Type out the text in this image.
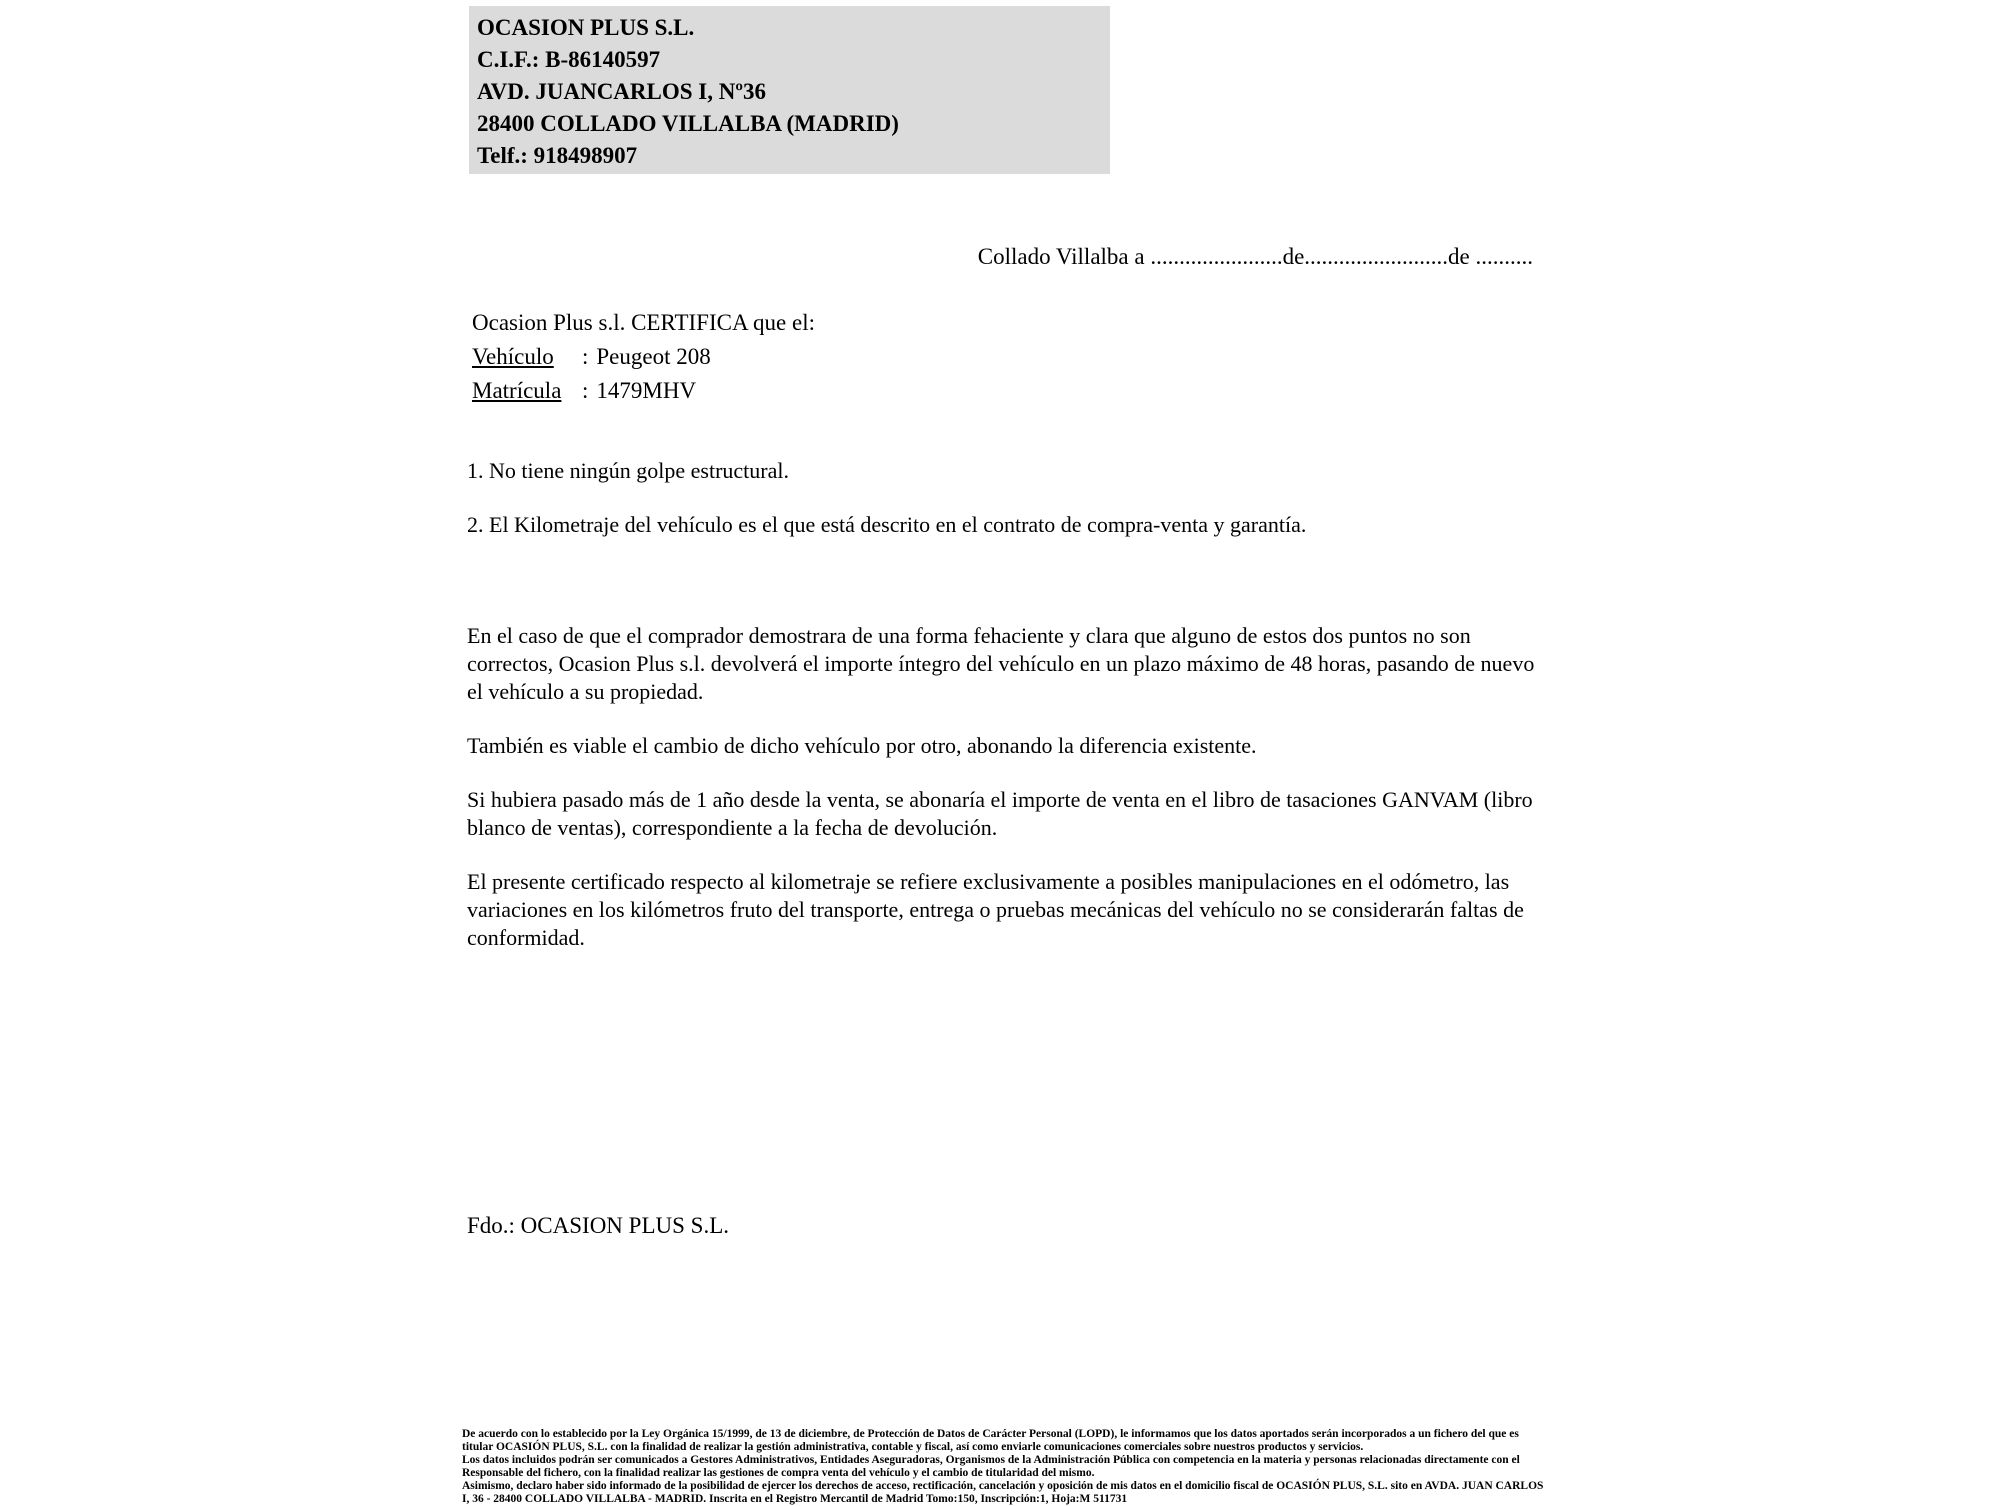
OCASION PLUS S.L.
C.I.F.: B-86140597
AVD. JUANCARLOS I, Nº36
28400 COLLADO VILLALBA (MADRID)
Telf.: 918498907
Collado Villalba a .......................de.........................de ..........
Ocasion Plus s.l. CERTIFICA que el:
Vehículo : Peugeot 208
Matrícula : 1479MHV
1. No tiene ningún golpe estructural.
2. El Kilometraje del vehículo es el que está descrito en el contrato de compra-venta y garantía.

En el caso de que el comprador demostrara de una forma fehaciente y clara que alguno de estos dos puntos no son correctos, Ocasion Plus s.l. devolverá el importe íntegro del vehículo en un plazo máximo de 48 horas, pasando de nuevo el vehículo a su propiedad.

También es viable el cambio de dicho vehículo por otro, abonando la diferencia existente.

Si hubiera pasado más de 1 año desde la venta, se abonaría el importe de venta en el libro de tasaciones GANVAM (libro blanco de ventas), correspondiente a la fecha de devolución.

El presente certificado respecto al kilometraje se refiere exclusivamente a posibles manipulaciones en el odómetro, las variaciones en los kilómetros fruto del transporte, entrega o pruebas mecánicas del vehículo no se considerarán faltas de conformidad.

Fdo.: OCASION PLUS S.L.

De acuerdo con lo establecido por la Ley Orgánica 15/1999, de 13 de diciembre, de Protección de Datos de Carácter Personal (LOPD), le informamos que los datos aportados serán incorporados a un fichero del que es titular OCASIÓN PLUS, S.L. con la finalidad de realizar la gestión administrativa, contable y fiscal, así como enviarle comunicaciones comerciales sobre nuestros productos y servicios.

Los datos incluidos podrán ser comunicados a Gestores Administrativos, Entidades Aseguradoras, Organismos de la Administración Pública con competencia en la materia y personas relacionadas directamente con el Responsable del fichero, con la finalidad realizar las gestiones de compra venta del vehículo y el cambio de titularidad del mismo.

Asimismo, declaro haber sido informado de la posibilidad de ejercer los derechos de acceso, rectificación, cancelación y oposición de mis datos en el domicilio fiscal de OCASIÓN PLUS, S.L. sito en AVDA. JUAN CARLOS I, 36 - 28400 COLLADO VILLALBA - MADRID. Inscrita en el Registro Mercantil de Madrid Tomo:150, Inscripción:1, Hoja:M 511731
